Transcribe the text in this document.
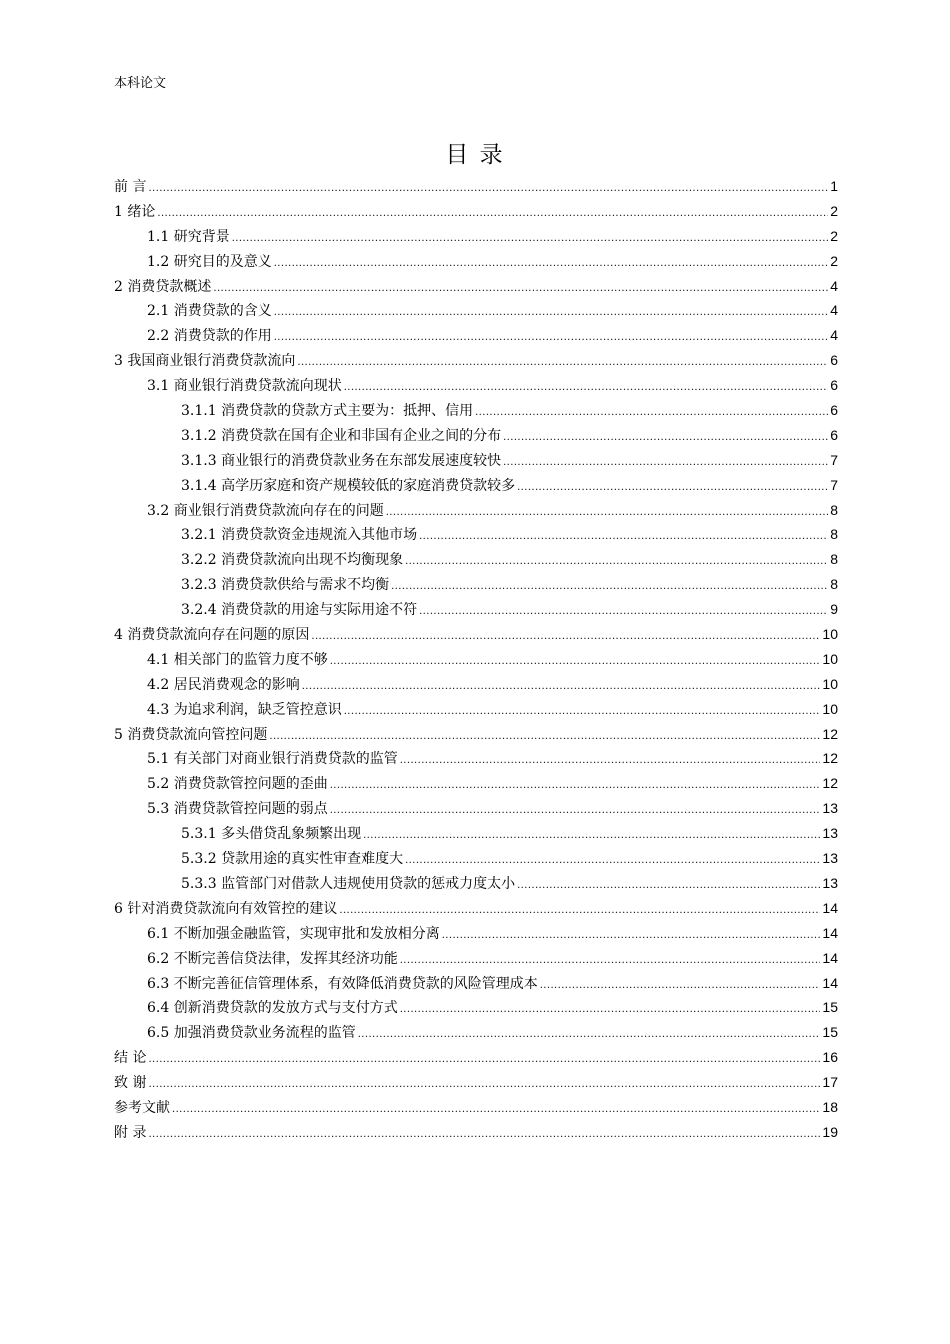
本科论文
目 录
前 言 .....	1
1 绪论 .....	2
1.1 研究背景 .....	2
1.2 研究目的及意义 .....	2
2 消费贷款概述 .....	4
2.1 消费贷款的含义 .....	4
2.2 消费贷款的作用 .....	4
3 我国商业银行消费贷款流向 .....	6
3.1 商业银行消费贷款流向现状 .....	6
3.1.1 消费贷款的贷款方式主要为：抵押、信用 .....	6
3.1.2 消费贷款在国有企业和非国有企业之间的分布 .....	6
3.1.3 商业银行的消费贷款业务在东部发展速度较快 .....	7
3.1.4 高学历家庭和资产规模较低的家庭消费贷款较多 .....	7
3.2 商业银行消费贷款流向存在的问题 .....	8
3.2.1 消费贷款资金违规流入其他市场 .....	8
3.2.2 消费贷款流向出现不均衡现象 .....	8
3.2.3 消费贷款供给与需求不均衡 .....	8
3.2.4 消费贷款的用途与实际用途不符 .....	9
4 消费贷款流向存在问题的原因 .....	10
4.1 相关部门的监管力度不够 .....	10
4.2 居民消费观念的影响 .....	10
4.3 为追求利润，缺乏管控意识 .....	10
5 消费贷款流向管控问题 .....	12
5.1 有关部门对商业银行消费贷款的监管 .....	12
5.2 消费贷款管控问题的歪曲 .....	12
5.3 消费贷款管控问题的弱点 .....	13
5.3.1 多头借贷乱象频繁出现 .....	13
5.3.2 贷款用途的真实性审查难度大 .....	13
5.3.3 监管部门对借款人违规使用贷款的惩戒力度太小 .....	13
6 针对消费贷款流向有效管控的建议 .....	14
6.1 不断加强金融监管，实现审批和发放相分离 .....	14
6.2 不断完善信贷法律，发挥其经济功能 .....	14
6.3 不断完善征信管理体系，有效降低消费贷款的风险管理成本 .....	14
6.4 创新消费贷款的发放方式与支付方式 .....	15
6.5 加强消费贷款业务流程的监管 .....	15
结 论 .....	16
致 谢 .....	17
参考文献 .....	18
附 录 .....	19
